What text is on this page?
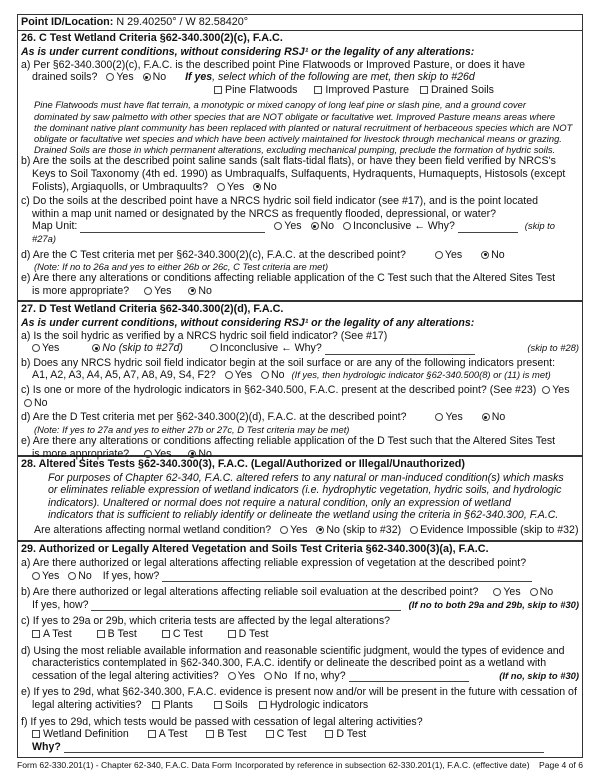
Point ID/Location: N 29.40250° / W 82.58420°
26. C Test Wetland Criteria §62-340.300(2)(c), F.A.C.
As is under current conditions, without considering RSJ¹ or the legality of any alterations:
a) Per §62-340.300(2)(c), F.A.C. is the described point Pine Flatwoods or Improved Pasture, or does it have
drained soils? Yes No If yes, select which of the following are met, then skip to #26d
Pine Flatwoods	Improved Pasture Drained Soils
Pine Flatwoods must have flat terrain, a monotypic or mixed canopy of long leaf pine or slash pine, and a ground cover
dominated by saw palmetto with other species that are NOT obligate or facultative wet. Improved Pasture means areas where
the dominant native plant community has been replaced with planted or natural recruitment of herbaceous species which are NOT
obligate or facultative wet species and which have been actively maintained for livestock through mechanical means or grazing.
Drained Soils are those in which permanent alterations, excluding mechanical pumping, preclude the formation of hydric soils.
b) Are the soils at the described point saline sands (salt flats-tidal flats), or have they been field verified by NRCS's
Keys to Soil Taxonomy (4th ed. 1990) as Umbraqualfs, Sulfaquents, Hydraquents, Humaquepts, Histosols (except
Folists), Argiaquolls, or Umbraquults? Yes No
c) Do the soils at the described point have a NRCS hydric soil field indicator (see #17), and is the point located
within a map unit named or designated by the NRCS as frequently flooded, depressional, or water?
Map Unit:	Yes No Inconclusive ← Why?	(skip to #27a)
d) Are the C Test criteria met per §62-340.300(2)(c), F.A.C. at the described point?	Yes	No
(Note: If no to 26a and yes to either 26b or 26c, C Test criteria are met)
e) Are there any alterations or conditions affecting reliable application of the C Test such that the Altered Sites Test
is more appropriate? Yes	No
27. D Test Wetland Criteria §62-340.300(2)(d), F.A.C.
As is under current conditions, without considering RSJ¹ or the legality of any alterations:
a) Is the soil hydric as verified by a NRCS hydric soil field indicator? (See #17)
Yes	No (skip to #27d)	Inconclusive ← Why?	(skip to #28)
b) Does any NRCS hydric soil field indicator begin at the soil surface or are any of the following indicators present:
A1, A2, A3, A4, A5, A7, A8, A9, S4, F2? Yes No (If yes, then hydrologic indicator §62-340.500(8) or (11) is met)
c) Is one or more of the hydrologic indicators in §62-340.500, F.A.C. present at the described point? (See #23) Yes No
d) Are the D Test criteria met per §62-340.300(2)(d), F.A.C. at the described point?	Yes	No
(Note: If yes to 27a and yes to either 27b or 27c, D Test criteria may be met)
e) Are there any alterations or conditions affecting reliable application of the D Test such that the Altered Sites Test
is more appropriate? Yes	No
28. Altered Sites Tests §62-340.300(3), F.A.C. (Legal/Authorized or Illegal/Unauthorized)
For purposes of Chapter 62-340, F.A.C. altered refers to any natural or man-induced condition(s) which masks
or eliminates reliable expression of wetland indicators (i.e. hydrophytic vegetation, hydric soils, and hydrologic
indicators). Unaltered or normal does not require a natural condition, only an expression of wetland
indicators that is sufficient to reliably identify or delineate the wetland using the criteria in §62-340.300, F.A.C.
Are alterations affecting normal wetland condition? Yes No (skip to #32) Evidence Impossible (skip to #32)
29. Authorized or Legally Altered Vegetation and Soils Test Criteria §62-340.300(3)(a), F.A.C.
a) Are there authorized or legal alterations affecting reliable expression of vegetation at the described point?
Yes No If yes, how?
b) Are there authorized or legal alterations affecting reliable soil evaluation at the described point? Yes No
If yes, how?	(If no to both 29a and 29b, skip to #30)
c) If yes to 29a or 29b, which criteria tests are affected by the legal alterations?
A Test	B Test	C Test	D Test
d) Using the most reliable available information and reasonable scientific judgment, would the types of evidence and
characteristics contemplated in §62-340.300, F.A.C. identify or delineate the described point as a wetland with
cessation of the legal altering activities? Yes No If no, why?	(If no, skip to #30)
e) If yes to 29d, what §62-340.300, F.A.C. evidence is present now and/or will be present in the future with cessation of
legal altering activities? Plants	Soils Hydrologic indicators
f) If yes to 29d, which tests would be passed with cessation of legal altering activities?
Wetland Definition	A Test	B Test	C Test	D Test
Why?
Form 62-330.201(1) - Chapter 62-340, F.A.C. Data Form Incorporated by reference in subsection 62-330.201(1), F.A.C. (effective date) Page 4 of 6
